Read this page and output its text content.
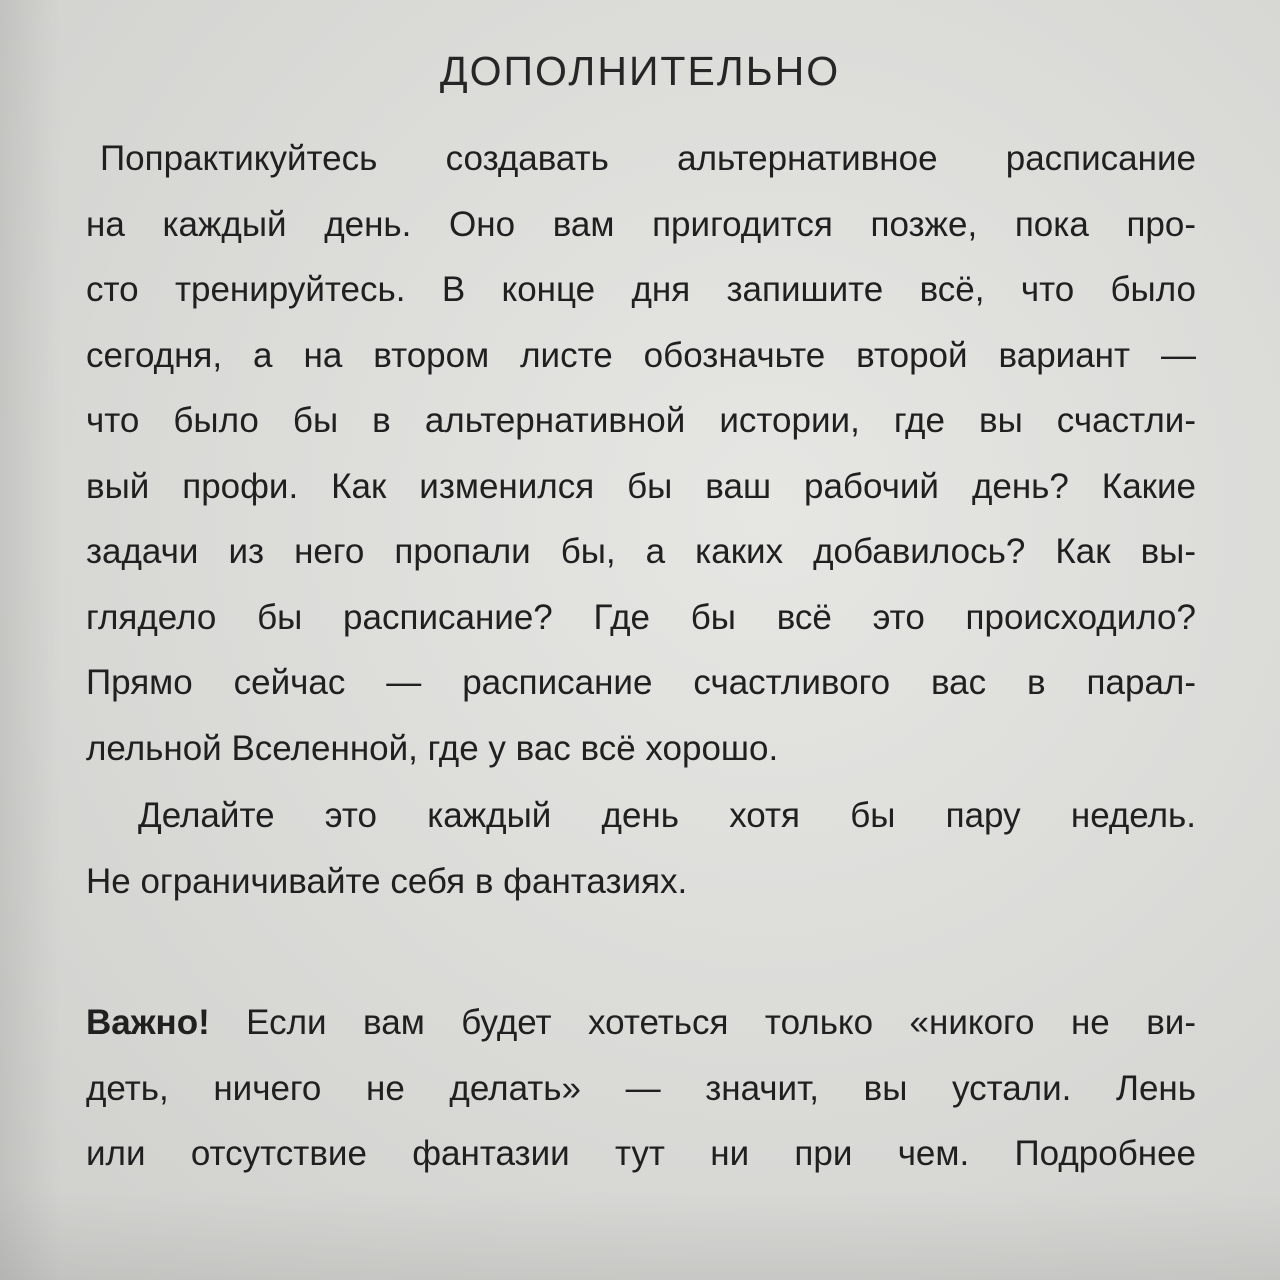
ДОПОЛНИТЕЛЬНО
Попрактикуйтесь создавать альтернативное расписание
на каждый день. Оно вам пригодится позже, пока про-
сто тренируйтесь. В конце дня запишите всё, что было
сегодня, а на втором листе обозначьте второй вариант —
что было бы в альтернативной истории, где вы счастли-
вый профи. Как изменился бы ваш рабочий день? Какие
задачи из него пропали бы, а каких добавилось? Как вы-
глядело бы расписание? Где бы всё это происходило?
Прямо сейчас — расписание счастливого вас в парал-
лельной Вселенной, где у вас всё хорошо.
Делайте это каждый день хотя бы пару недель.
Не ограничивайте себя в фантазиях.
Важно! Если вам будет хотеться только «никого не ви-
деть, ничего не делать» — значит, вы устали. Лень
или отсутствие фантазии тут ни при чем. Подробнее
